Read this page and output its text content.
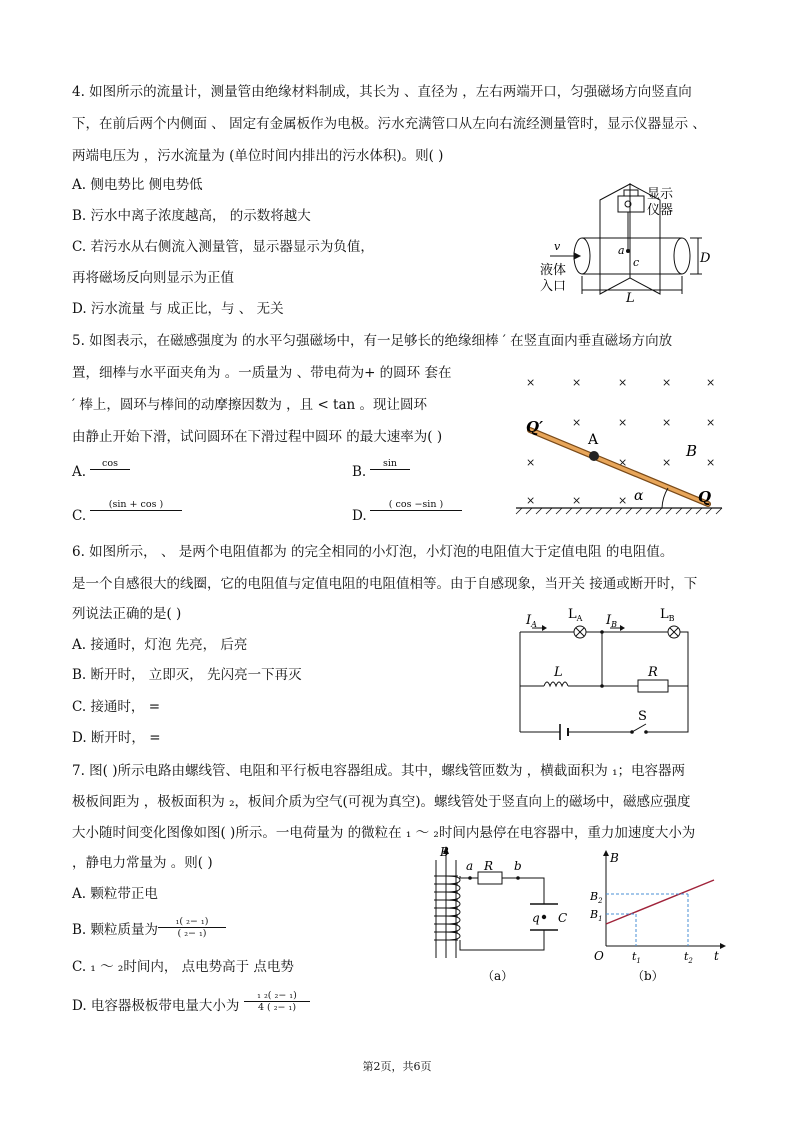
4. 如图所示的流量计，测量管由绝缘材料制成，其长为 、直径为 ，左右两端开口，匀强磁场方向竖直向
下，在前后两个内侧面 、 固定有金属板作为电极。污水充满管口从左向右流经测量管时，显示仪器显示 、
两端电压为 ，污水流量为 (单位时间内排出的污水体积)。则( )
A. 侧电势比 侧电势低
B. 污水中离子浓度越高， 的示数将越大
C. 若污水从右侧流入测量管，显示器显示为负值，
再将磁场反向则显示为正值
D. 污水流量 与 成正比，与 、 无关
显示
仪器
v
液体
入口
a
c	D
L
5. 如图表示，在磁感强度为 的水平匀强磁场中，有一足够长的绝缘细棒 ′ 在竖直面内垂直磁场方向放
置，细棒与水平面夹角为 。一质量为 、带电荷为+ 的圆环 套在
′ 棒上，圆环与棒间的动摩擦因数为 ，且 < tan 。现让圆环
由静止开始下滑，试问圆环在下滑过程中圆环 的最大速率为( )
A.
cos

B.
sin

C.
(sin + cos )

D.
( cos −sin )

×	×	×	×	×
×	×	×	×
×	×	×	×
×	×	×
Q′
A
B
α	Q
6. 如图所示， 、 是两个电阻值都为 的完全相同的小灯泡，小灯泡的电阻值大于定值电阻 的电阻值。
是一个自感很大的线圈，它的电阻值与定值电阻的电阻值相等。由于自感现象，当开关 接通或断开时，下
列说法正确的是( )
A. 接通时，灯泡 先亮， 后亮
B. 断开时， 立即灭， 先闪亮一下再灭
C. 接通时， =
D. 断开时， =
$I_A$
$L_A$ $I_B$
$L_B$
L	R
S
7. 图( )所示电路由螺线管、电阻和平行板电容器组成。其中，螺线管匝数为 ，横截面积为 ₁；电容器两
极板间距为 ，极板面积为 ₂，板间介质为空气(可视为真空)。螺线管处于竖直向上的磁场中，磁感应强度
大小随时间变化图像如图( )所示。一电荷量为 的微粒在 ₁ ～ ₂时间内悬停在电容器中，重力加速度大小为
，静电力常量为 。则( )
A. 颗粒带正电
B. 颗粒质量为
₁( ₂− ₁)
( ₂− ₁)
C. ₁ ～ ₂时间内， 点电势高于 点电势
D. 电容器极板带电量大小为
₁ ₂( ₂− ₁)
4 ( ₂− ₁)
B
a R b
q C
（a）
B
$B_2$
$B_1$
O	$t_1$	$t_2$ t
（b）
第2页，共6页
